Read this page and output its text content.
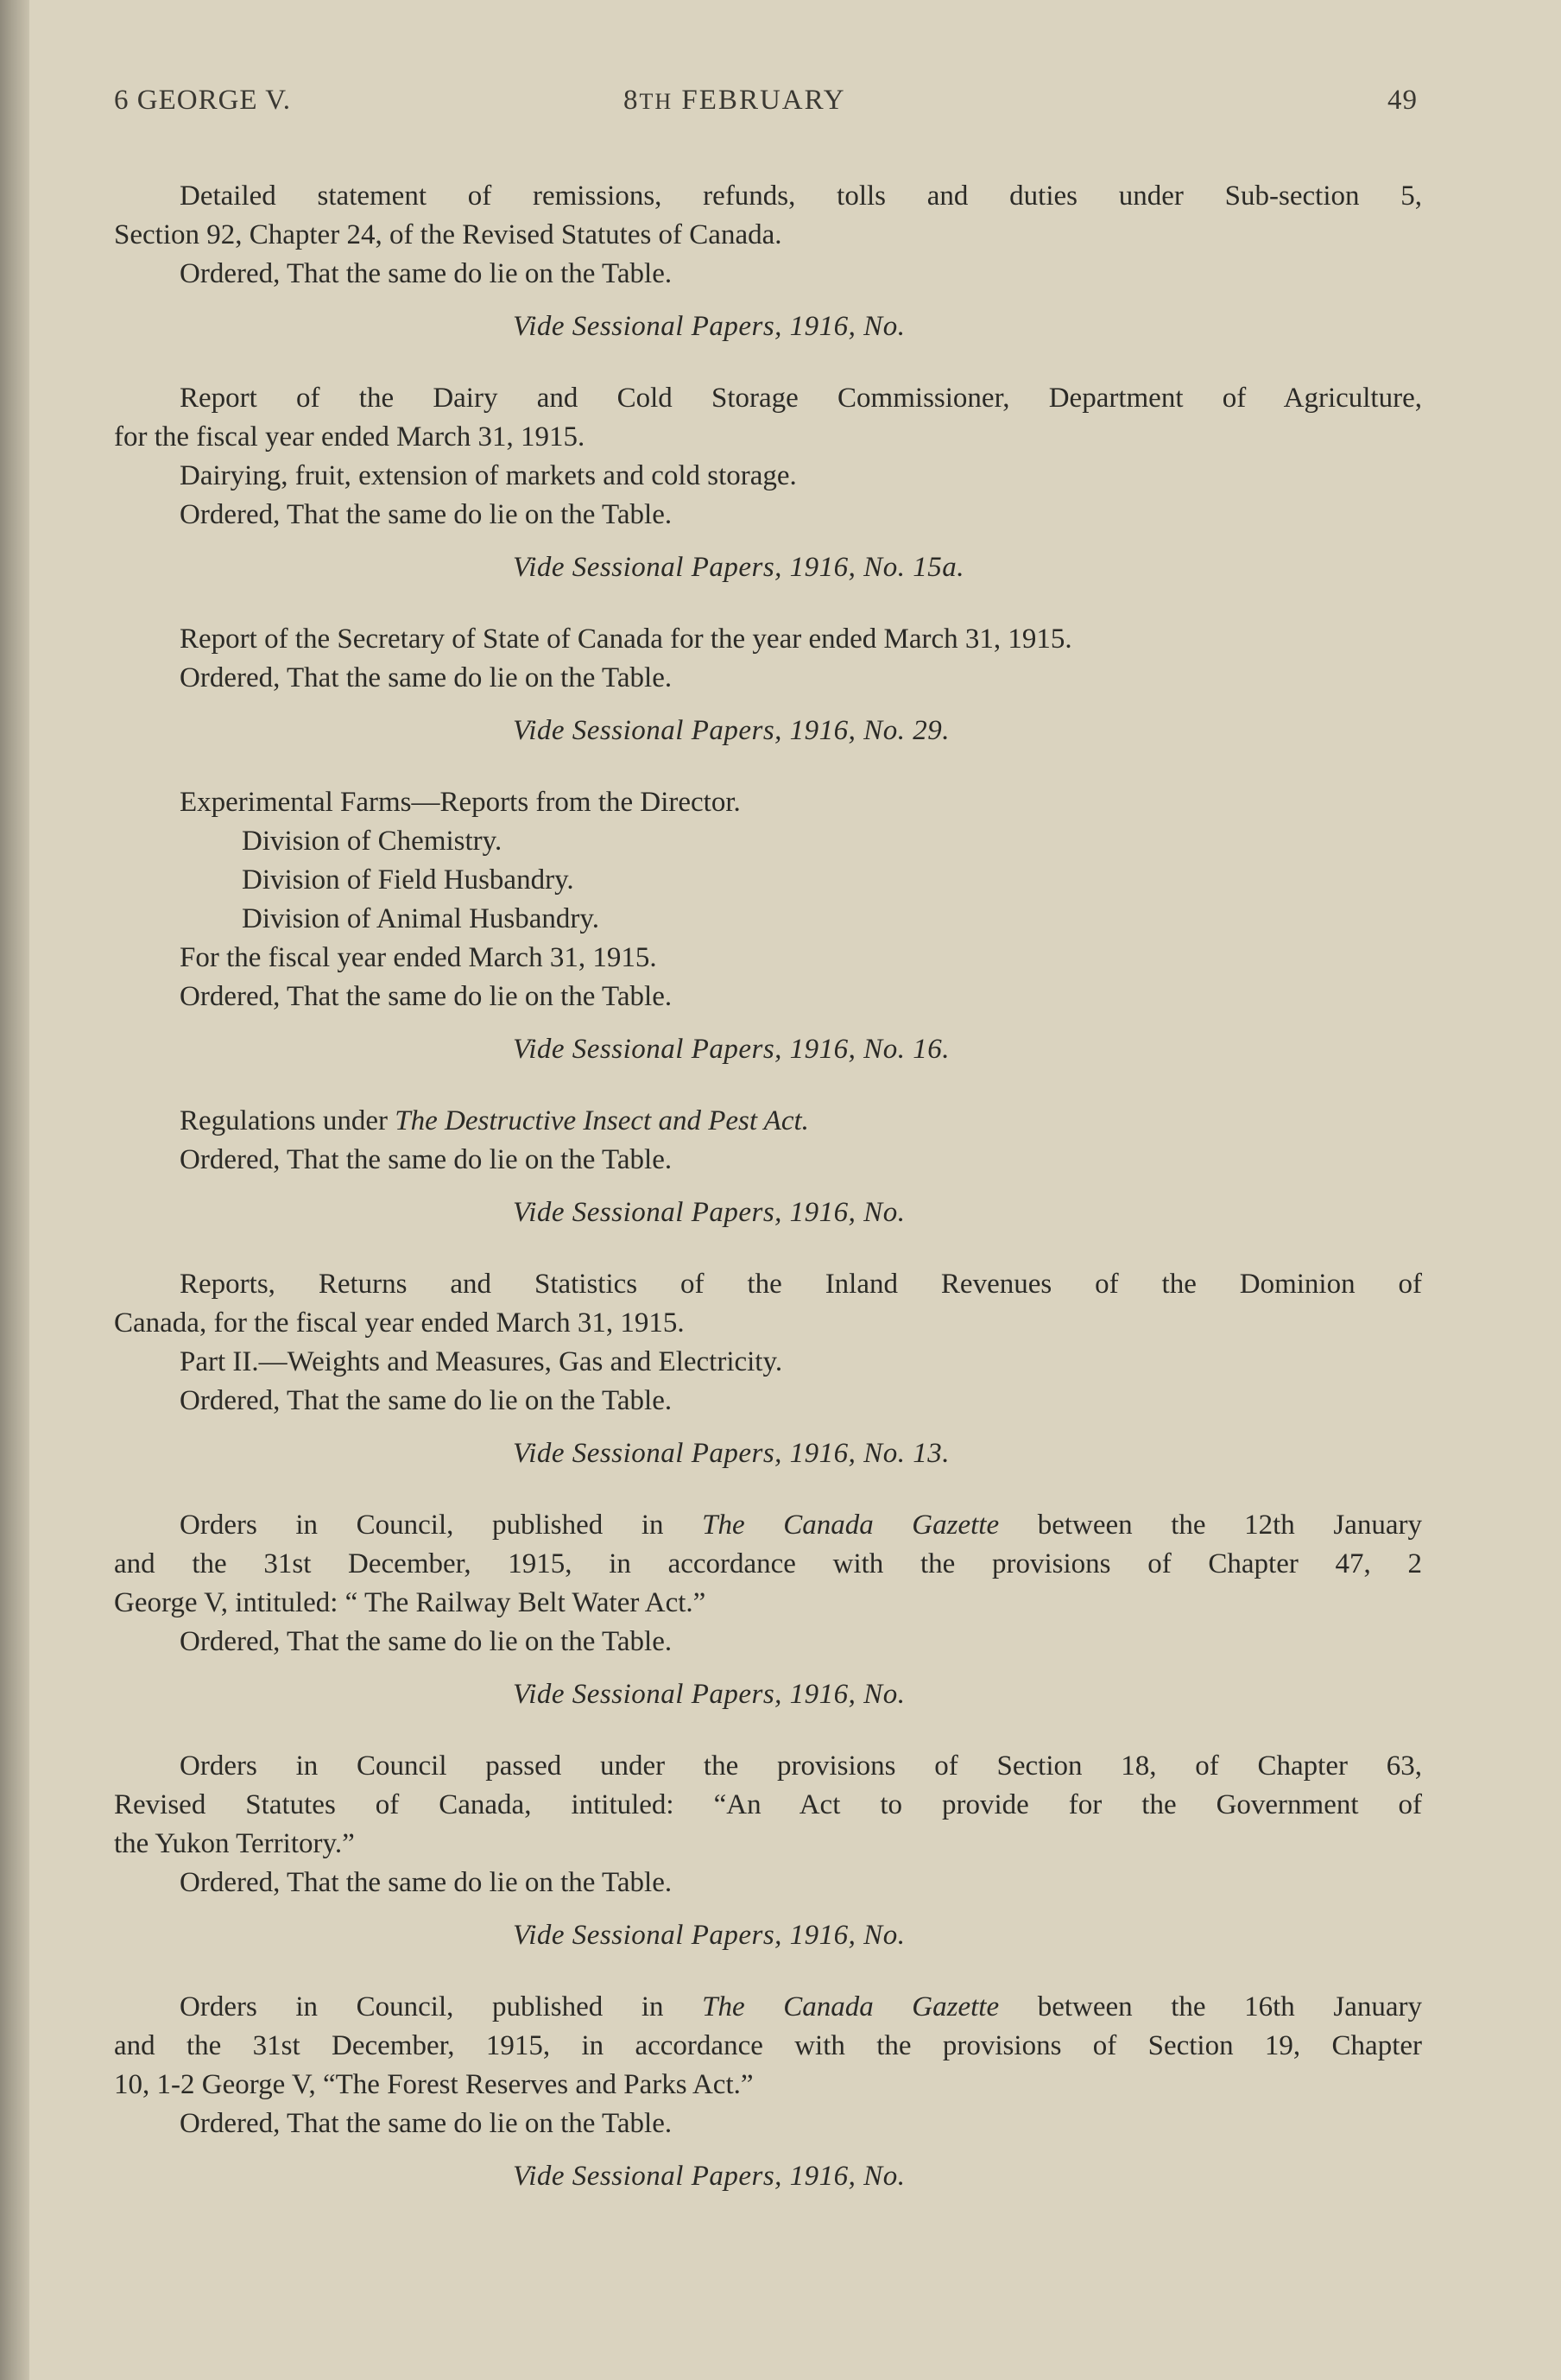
6 GEORGE V.	8TH FEBRUARY	49
Detailed statement of remissions, refunds, tolls and duties under Sub-section 5,
Section 92, Chapter 24, of the Revised Statutes of Canada.
Ordered, That the same do lie on the Table.
Vide Sessional Papers, 1916, No.
Report of the Dairy and Cold Storage Commissioner, Department of Agriculture,
for the fiscal year ended March 31, 1915.
Dairying, fruit, extension of markets and cold storage.
Ordered, That the same do lie on the Table.
Vide Sessional Papers, 1916, No. 15a.
Report of the Secretary of State of Canada for the year ended March 31, 1915.
Ordered, That the same do lie on the Table.
Vide Sessional Papers, 1916, No. 29.
Experimental Farms—Reports from the Director.
Division of Chemistry.
Division of Field Husbandry.
Division of Animal Husbandry.
For the fiscal year ended March 31, 1915.
Ordered, That the same do lie on the Table.
Vide Sessional Papers, 1916, No. 16.
Regulations under The Destructive Insect and Pest Act.
Ordered, That the same do lie on the Table.
Vide Sessional Papers, 1916, No.
Reports, Returns and Statistics of the Inland Revenues of the Dominion of
Canada, for the fiscal year ended March 31, 1915.
Part II.—Weights and Measures, Gas and Electricity.
Ordered, That the same do lie on the Table.
Vide Sessional Papers, 1916, No. 13.
Orders in Council, published in The Canada Gazette between the 12th January
and the 31st December, 1915, in accordance with the provisions of Chapter 47, 2
George V, intituled: “ The Railway Belt Water Act.”
Ordered, That the same do lie on the Table.
Vide Sessional Papers, 1916, No.
Orders in Council passed under the provisions of Section 18, of Chapter 63,
Revised Statutes of Canada, intituled: “An Act to provide for the Government of
the Yukon Territory.”
Ordered, That the same do lie on the Table.
Vide Sessional Papers, 1916, No.
Orders in Council, published in The Canada Gazette between the 16th January
and the 31st December, 1915, in accordance with the provisions of Section 19, Chapter
10, 1-2 George V, “The Forest Reserves and Parks Act.”
Ordered, That the same do lie on the Table.
Vide Sessional Papers, 1916, No.
